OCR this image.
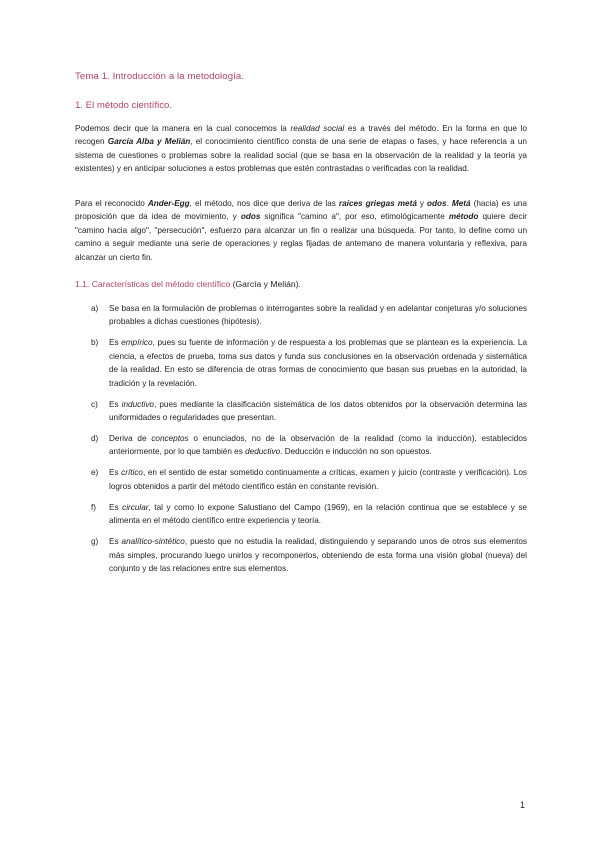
Tema 1. Introducción a la metodología.
1. El método científico.

Podemos decir que la manera en la cual conocemos la realidad social es a través del método. En la forma en que lo recogen García Alba y Melián, el conocimiento científico consta de una serie de etapas o fases, y hace referencia a un sistema de cuestiones o problemas sobre la realidad social (que se basa en la observación de la realidad y la teoría ya existentes) y en anticipar soluciones a estos problemas que estén contrastadas o verificadas con la realidad.

Para el reconocido Ander-Egg, el método, nos dice que deriva de las raíces griegas metá y odos. Metá (hacia) es una proposición que da idea de movimiento, y odos significa "camino a", por eso, etimológicamente método quiere decir "camino hacia algo", "persecución", esfuerzo para alcanzar un fin o realizar una búsqueda. Por tanto, lo define como un camino a seguir mediante una serie de operaciones y reglas fijadas de antemano de manera voluntaria y reflexiva, para alcanzar un cierto fin.

1.1. Características del método científico (García y Melián).
a) Se basa en la formulación de problemas o interrogantes sobre la realidad y en adelantar conjeturas y/o soluciones probables a dichas cuestiones (hipótesis).
b) Es empírico, pues su fuente de información y de respuesta a los problemas que se plantean es la experiencia. La ciencia, a efectos de prueba, toma sus datos y funda sus conclusiones en la observación ordenada y sistemática de la realidad. En esto se diferencia de otras formas de conocimiento que basan sus pruebas en la autoridad, la tradición y la revelación.
c) Es inductivo, pues mediante la clasificación sistemática de los datos obtenidos por la observación determina las uniformidades o regularidades que presentan.
d) Deriva de conceptos o enunciados, no de la observación de la realidad (como la inducción), establecidos anteriormente, por lo que también es deductivo. Deducción e inducción no son opuestos.
e) Es crítico, en el sentido de estar sometido continuamente a críticas, examen y juicio (contraste y verificación). Los logros obtenidos a partir del método científico están en constante revisión.
f) Es circular, tal y como lo expone Salustiano del Campo (1969), en la relación continua que se establece y se alimenta en el método científico entre experiencia y teoría.
g) Es analítico-sintético, puesto que no estudia la realidad, distinguiendo y separando unos de otros sus elementos más simples, procurando luego unirlos y recomponerlos, obteniendo de esta forma una visión global (nueva) del conjunto y de las relaciones entre sus elementos.
1
